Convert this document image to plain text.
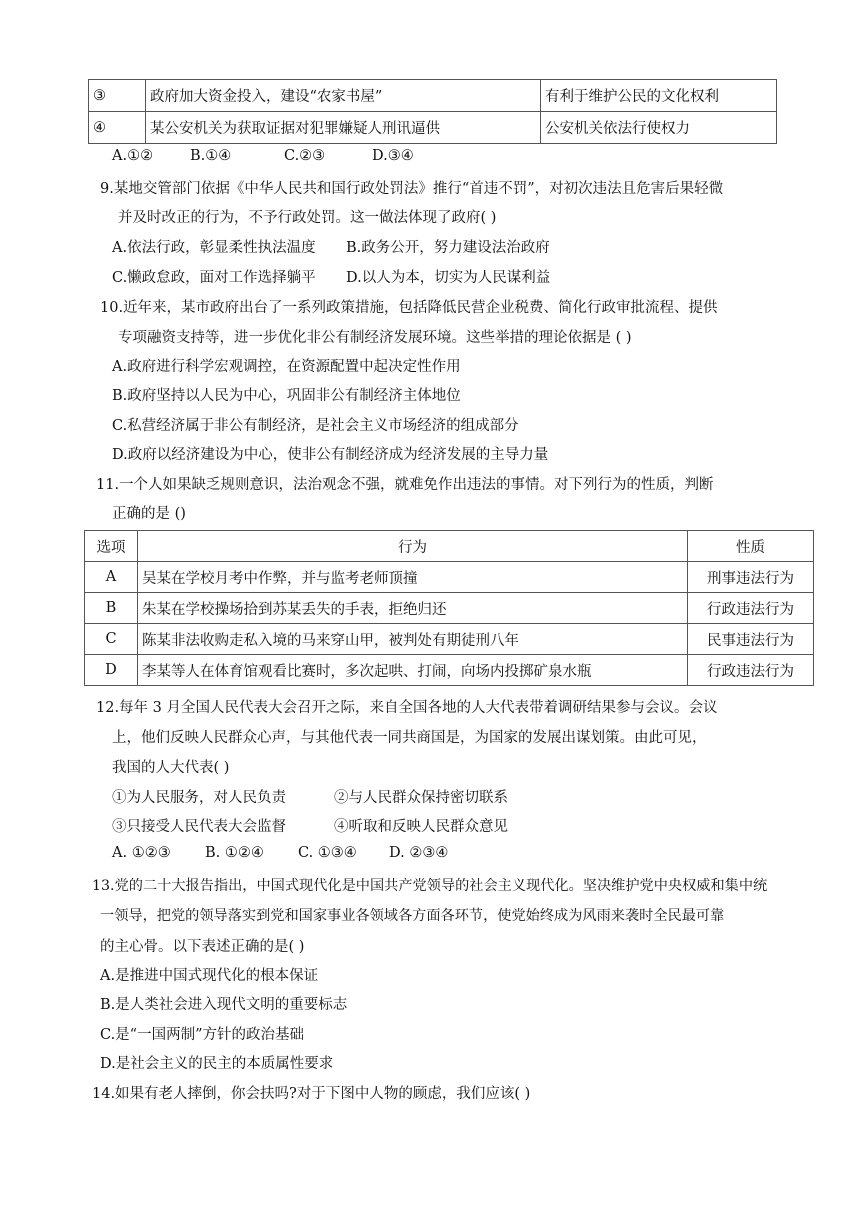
③	政府加大资金投入，建设“农家书屋”	有利于维护公民的文化权利
④	某公安机关为获取证据对犯罪嫌疑人刑讯逼供	公安机关依法行使权力
A.①②	B.①④	C.②③	D.③④
9.某地交管部门依据《中华人民共和国行政处罚法》推行“首违不罚”，对初次违法且危害后果轻微
并及时改正的行为，不予行政处罚。这一做法体现了政府( )
A.依法行政，彰显柔性执法温度 B.政务公开，努力建设法治政府
C.懒政怠政，面对工作选择躺平 D.以人为本，切实为人民谋利益
10.近年来，某市政府出台了一系列政策措施，包括降低民营企业税费、简化行政审批流程、提供
专项融资支持等，进一步优化非公有制经济发展环境。这些举措的理论依据是 ( )
A.政府进行科学宏观调控，在资源配置中起决定性作用
B.政府坚持以人民为中心，巩固非公有制经济主体地位
C.私营经济属于非公有制经济，是社会主义市场经济的组成部分
D.政府以经济建设为中心，使非公有制经济成为经济发展的主导力量
11.一个人如果缺乏规则意识，法治观念不强，就难免作出违法的事情。对下列行为的性质，判断
正确的是 ()
选项	行为	性质
A	吴某在学校月考中作弊，并与监考老师顶撞	刑事违法行为
B	朱某在学校操场拾到苏某丢失的手表，拒绝归还	行政违法行为
C	陈某非法收购走私入境的马来穿山甲，被判处有期徒刑八年	民事违法行为
D	李某等人在体育馆观看比赛时，多次起哄、打闹，向场内投掷矿泉水瓶	行政违法行为
12.每年 3 月全国人民代表大会召开之际，来自全国各地的人大代表带着调研结果参与会议。会议
上，他们反映人民群众心声，与其他代表一同共商国是，为国家的发展出谋划策。由此可见，
我国的人大代表( )
①为人民服务，对人民负责	②与人民群众保持密切联系
③只接受人民代表大会监督	④听取和反映人民群众意见
A. ①②③ B. ①②④ C. ①③④ D. ②③④
13.党的二十大报告指出，中国式现代化是中国共产党领导的社会主义现代化。坚决维护党中央权威和集中统
一领导，把党的领导落实到党和国家事业各领域各方面各环节，使党始终成为风雨来袭时全民最可靠
的主心骨。以下表述正确的是( )
A.是推进中国式现代化的根本保证
B.是人类社会进入现代文明的重要标志
C.是“一国两制”方针的政治基础
D.是社会主义的民主的本质属性要求
14.如果有老人摔倒，你会扶吗?对于下图中人物的顾虑，我们应该( )
